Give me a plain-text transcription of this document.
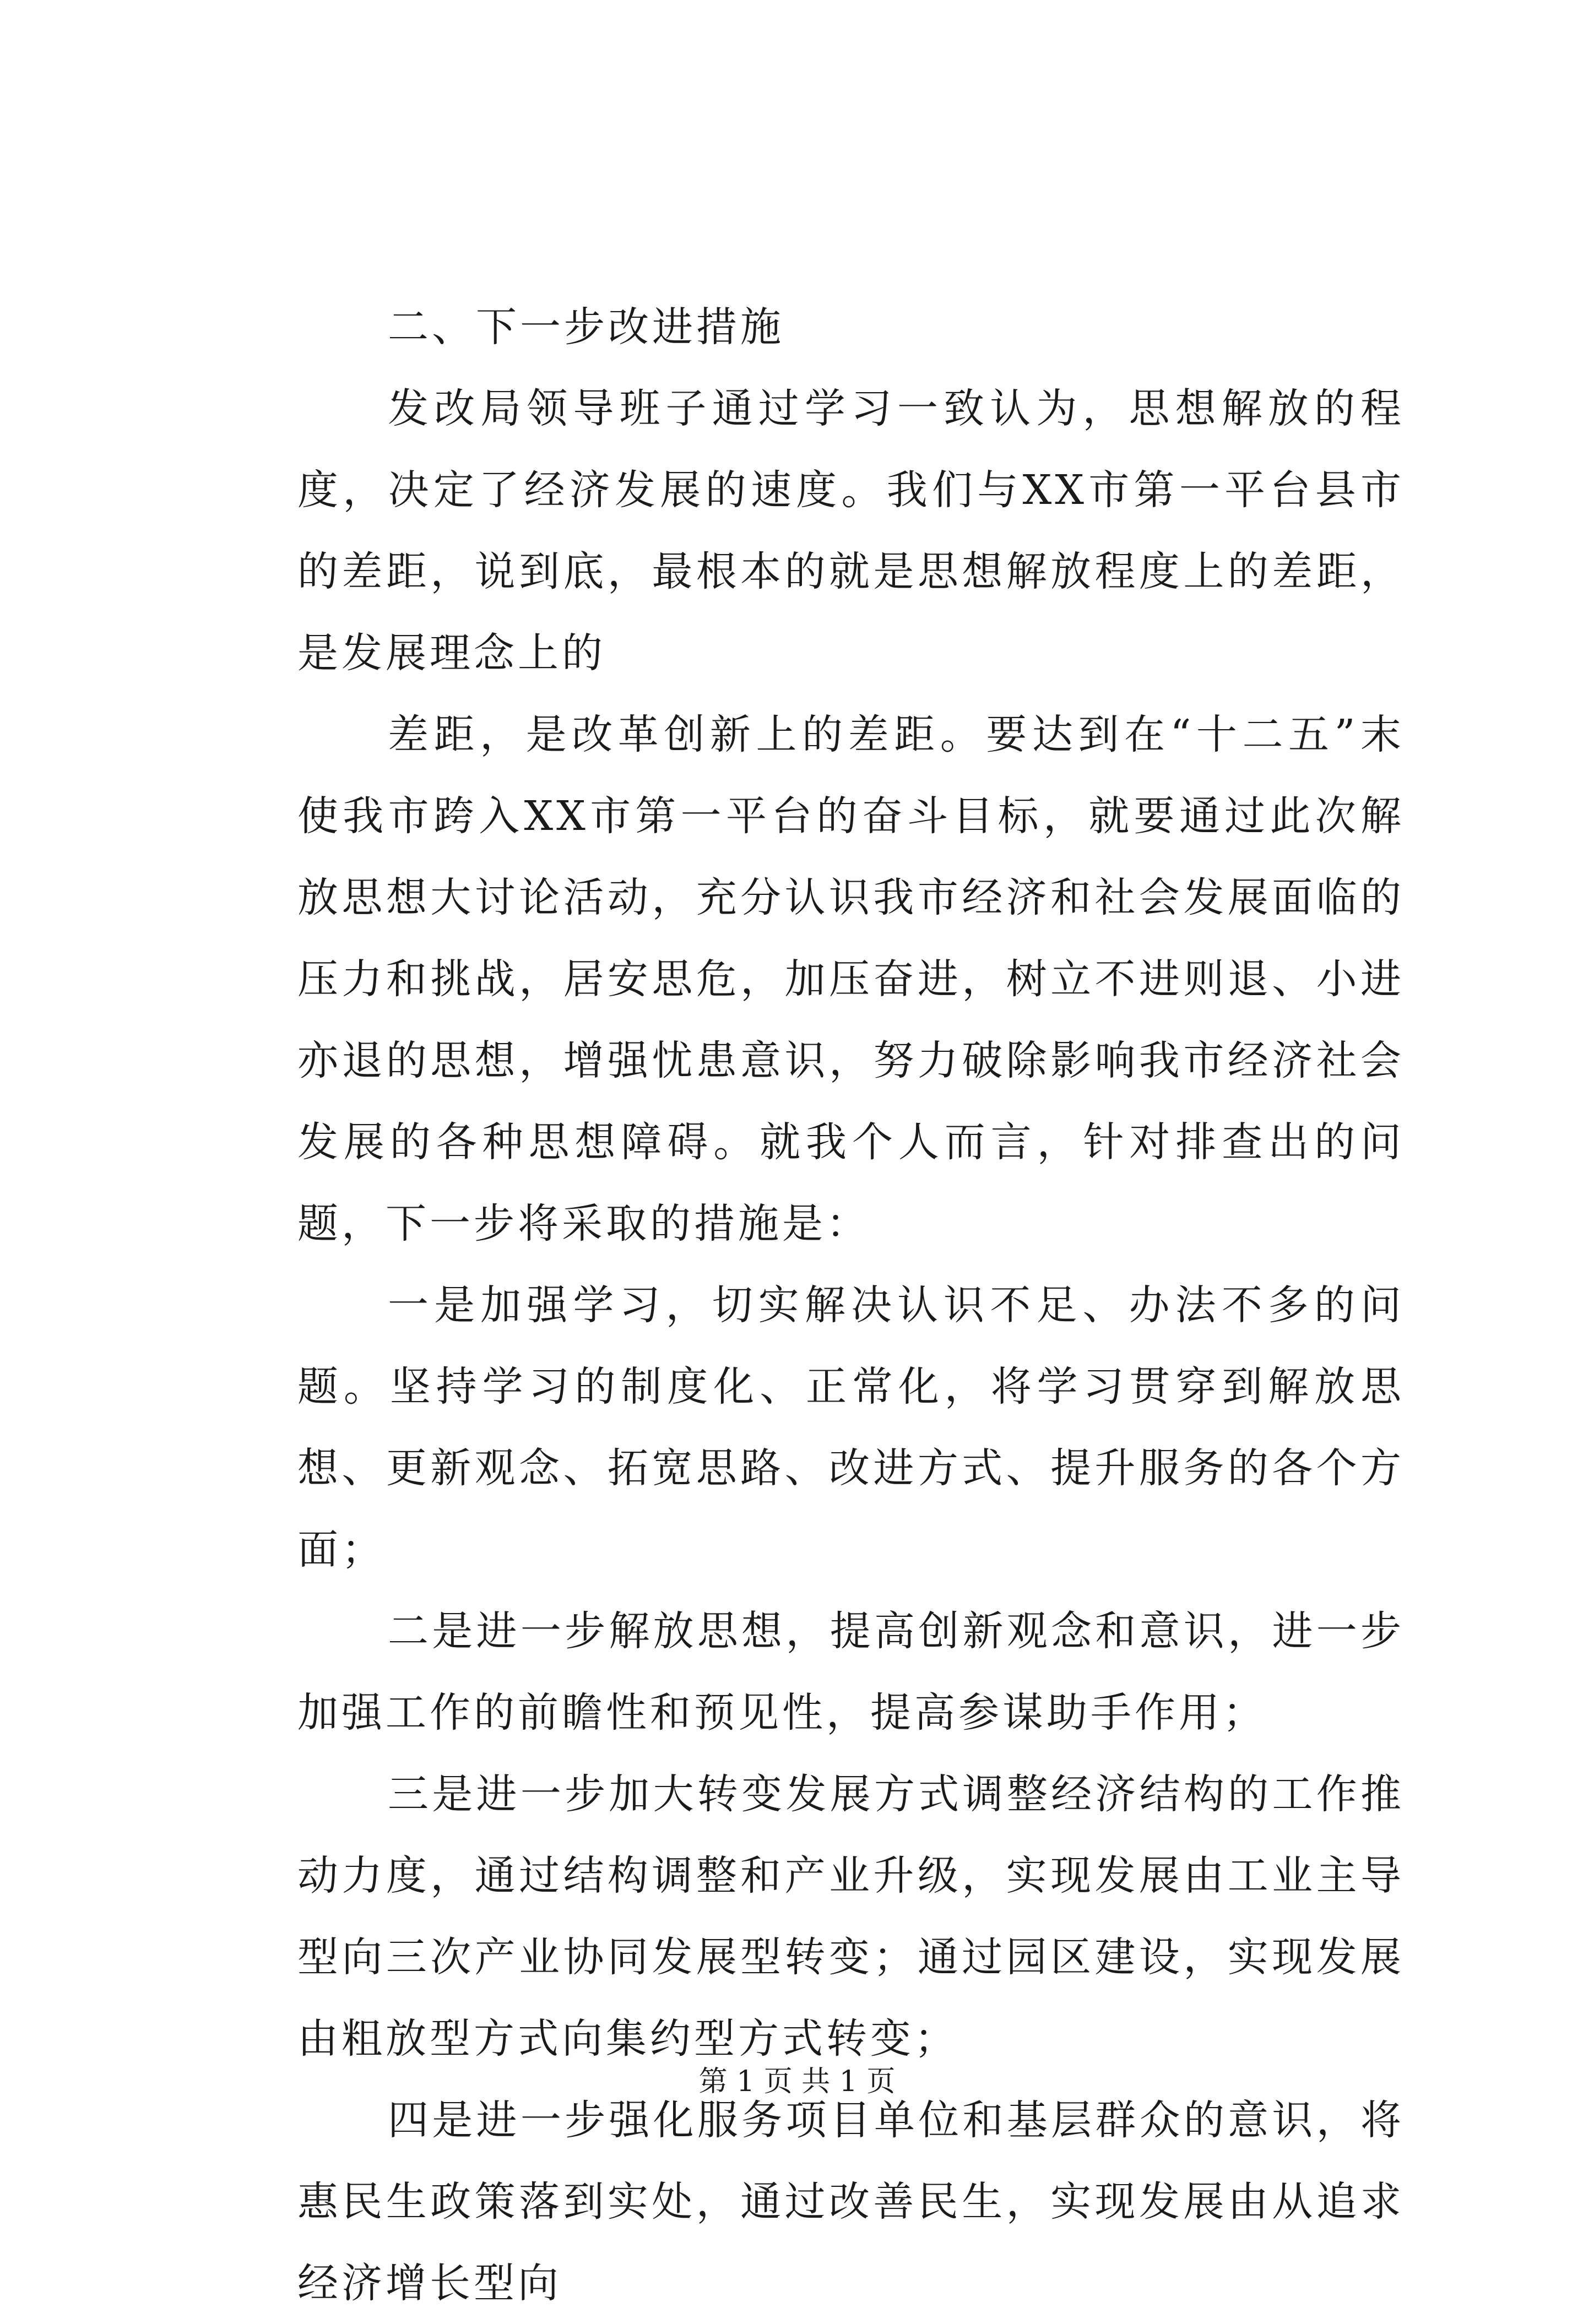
二、下一步改进措施

发改局领导班子通过学习一致认为，思想解放的程度，决定了经济发展的速度。我们与XX市第一平台县市的差距，说到底，最根本的就是思想解放程度上的差距，是发展理念上的

差距，是改革创新上的差距。要达到在“十二五”末使我市跨入XX市第一平台的奋斗目标，就要通过此次解放思想大讨论活动，充分认识我市经济和社会发展面临的压力和挑战，居安思危，加压奋进，树立不进则退、小进亦退的思想，增强忧患意识，努力破除影响我市经济社会发展的各种思想障碍。就我个人而言，针对排查出的问题，下一步将采取的措施是：

一是加强学习，切实解决认识不足、办法不多的问题。坚持学习的制度化、正常化，将学习贯穿到解放思想、更新观念、拓宽思路、改进方式、提升服务的各个方面；

二是进一步解放思想，提高创新观念和意识，进一步加强工作的前瞻性和预见性，提高参谋助手作用；

三是进一步加大转变发展方式调整经济结构的工作推动力度，通过结构调整和产业升级，实现发展由工业主导型向三次产业协同发展型转变；通过园区建设，实现发展由粗放型方式向集约型方式转变；

四是进一步强化服务项目单位和基层群众的意识，将惠民生政策落到实处，通过改善民生，实现发展由从追求经济增长型向

第 1 页 共 1 页
